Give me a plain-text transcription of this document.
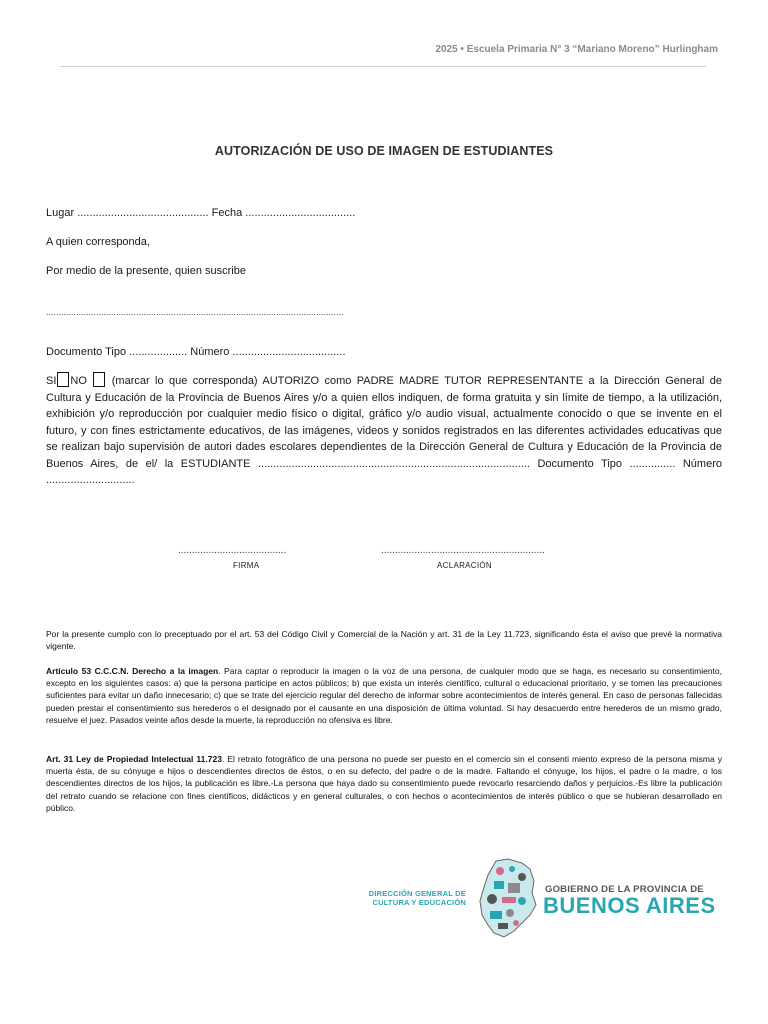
2025 • Escuela Primaria N° 3 “Mariano Moreno” Hurlingham
AUTORIZACIÓN DE USO DE IMAGEN DE ESTUDIANTES
Lugar ........................................... Fecha ....................................
A quien corresponda,
Por medio de la presente, quien suscribe
.......................................................................................................................
Documento Tipo ................... Número .....................................
SI NO (marcar lo que corresponda) AUTORIZO como PADRE MADRE TUTOR REPRESENTANTE a la Dirección General de Cultura y Educación de la Provincia de Buenos Aires y/o a quien ellos indiquen, de forma gratuita y sin límite de tiempo, a la utilización, exhibición y/o reproducción por cualquier medio físico o digital, gráfico y/o audio visual, actualmente conocido o que se invente en el futuro, y con fines estrictamente educativos, de las imágenes, videos y sonidos registrados en las diferentes actividades educativas que se realizan bajo supervisión de autori dades escolares dependientes de la Dirección General de Cultura y Educación de la Provincia de Buenos Aires, de el/ la ESTUDIANTE ......................................................................................... Documento Tipo ............... Número .............................
.......................................
FIRMA
...........................................................
ACLARACIÓN
Por la presente cumplo con lo preceptuado por el art. 53 del Código Civil y Comercial de la Nación y art. 31 de la Ley 11.723, significando ésta el aviso que prevé la normativa vigente.
Artículo 53 C.C.C.N. Derecho a la imagen. Para captar o reproducir la imagen o la voz de una persona, de cualquier modo que se haga, es necesario su consentimiento, excepto en los siguientes casos: a) que la persona participe en actos públicos; b) que exista un interés científico, cultural o educacional prioritario, y se tomen las precauciones suficientes para evitar un daño innecesario; c) que se trate del ejercicio regular del derecho de informar sobre acontecimientos de interés general. En caso de personas fallecidas pueden prestar el consentimiento sus herederos o el designado por el causante en una disposición de última voluntad. Si hay desacuerdo entre herederos de un mismo grado, resuelve el juez. Pasados veinte años desde la muerte, la reproducción no ofensiva es libre.
Art. 31 Ley de Propiedad Intelectual 11.723. El retrato fotográfico de una persona no puede ser puesto en el comercio sin el consenti miento expreso de la persona misma y muerta ésta, de su cónyuge e hijos o descendientes directos de éstos, o en su defecto, del padre o de la madre. Faltando el cónyuge, los hijos, el padre o la madre, o los descendientes directos de los hijos, la publicación es libre.-La persona que haya dado su consentimiento puede revocarlo resarciendo daños y perjuicios.-Es libre la publicación del retrato cuando se relacione con fines científicos, didácticos y en general culturales, o con hechos o acontecimientos de interés público o que se hubieran desarrollado en público.
DIRECCIÓN GENERAL DE
CULTURA Y EDUCACIÓN
GOBIERNO DE LA PROVINCIA DE
BUENOS AIRES
